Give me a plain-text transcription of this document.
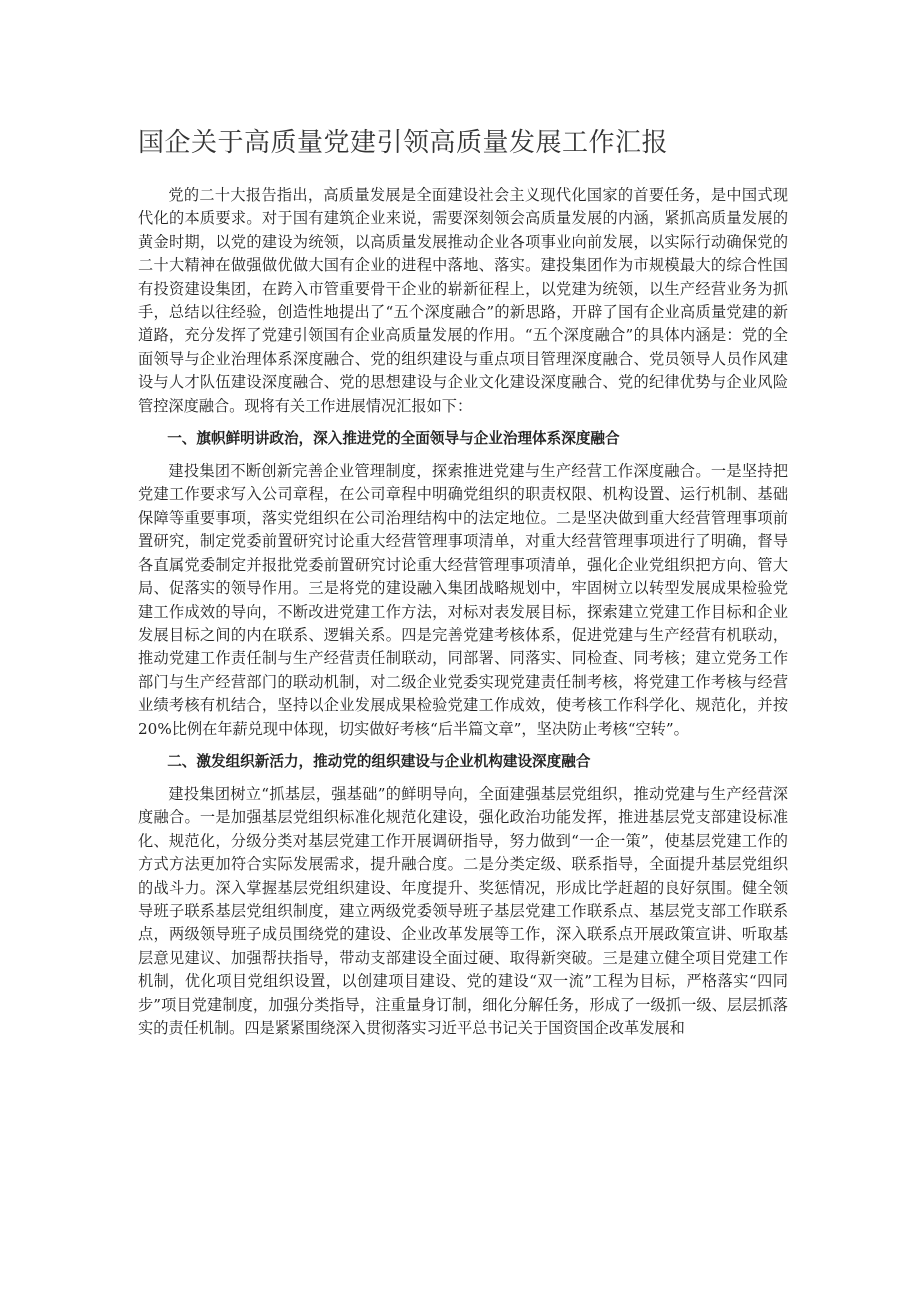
国企关于高质量党建引领高质量发展工作汇报

党的二十大报告指出，高质量发展是全面建设社会主义现代化国家的首要任务，是中国式现代化的本质要求。对于国有建筑企业来说，需要深刻领会高质量发展的内涵，紧抓高质量发展的黄金时期，以党的建设为统领，以高质量发展推动企业各项事业向前发展，以实际行动确保党的二十大精神在做强做优做大国有企业的进程中落地、落实。建投集团作为市规模最大的综合性国有投资建设集团，在跨入市管重要骨干企业的崭新征程上，以党建为统领，以生产经营业务为抓手，总结以往经验，创造性地提出了“五个深度融合”的新思路，开辟了国有企业高质量党建的新道路，充分发挥了党建引领国有企业高质量发展的作用。“五个深度融合”的具体内涵是：党的全面领导与企业治理体系深度融合、党的组织建设与重点项目管理深度融合、党员领导人员作风建设与人才队伍建设深度融合、党的思想建设与企业文化建设深度融合、党的纪律优势与企业风险管控深度融合。现将有关工作进展情况汇报如下：

一、旗帜鲜明讲政治，深入推进党的全面领导与企业治理体系深度融合

建投集团不断创新完善企业管理制度，探索推进党建与生产经营工作深度融合。一是坚持把党建工作要求写入公司章程，在公司章程中明确党组织的职责权限、机构设置、运行机制、基础保障等重要事项，落实党组织在公司治理结构中的法定地位。二是坚决做到重大经营管理事项前置研究，制定党委前置研究讨论重大经营管理事项清单，对重大经营管理事项进行了明确，督导各直属党委制定并报批党委前置研究讨论重大经营管理事项清单，强化企业党组织把方向、管大局、促落实的领导作用。三是将党的建设融入集团战略规划中，牢固树立以转型发展成果检验党建工作成效的导向，不断改进党建工作方法，对标对表发展目标，探索建立党建工作目标和企业发展目标之间的内在联系、逻辑关系。四是完善党建考核体系，促进党建与生产经营有机联动，推动党建工作责任制与生产经营责任制联动，同部署、同落实、同检查、同考核；建立党务工作部门与生产经营部门的联动机制，对二级企业党委实现党建责任制考核，将党建工作考核与经营业绩考核有机结合，坚持以企业发展成果检验党建工作成效，使考核工作科学化、规范化，并按20%比例在年薪兑现中体现，切实做好考核“后半篇文章”，坚决防止考核“空转”。

二、激发组织新活力，推动党的组织建设与企业机构建设深度融合

建投集团树立“抓基层，强基础”的鲜明导向，全面建强基层党组织，推动党建与生产经营深度融合。一是加强基层党组织标准化规范化建设，强化政治功能发挥，推进基层党支部建设标准化、规范化，分级分类对基层党建工作开展调研指导，努力做到“一企一策”，使基层党建工作的方式方法更加符合实际发展需求，提升融合度。二是分类定级、联系指导，全面提升基层党组织的战斗力。深入掌握基层党组织建设、年度提升、奖惩情况，形成比学赶超的良好氛围。健全领导班子联系基层党组织制度，建立两级党委领导班子基层党建工作联系点、基层党支部工作联系点，两级领导班子成员围绕党的建设、企业改革发展等工作，深入联系点开展政策宣讲、听取基层意见建议、加强帮扶指导，带动支部建设全面过硬、取得新突破。三是建立健全项目党建工作机制，优化项目党组织设置，以创建项目建设、党的建设“双一流”工程为目标，严格落实“四同步”项目党建制度，加强分类指导，注重量身订制，细化分解任务，形成了一级抓一级、层层抓落实的责任机制。四是紧紧围绕深入贯彻落实习近平总书记关于国资国企改革发展和
